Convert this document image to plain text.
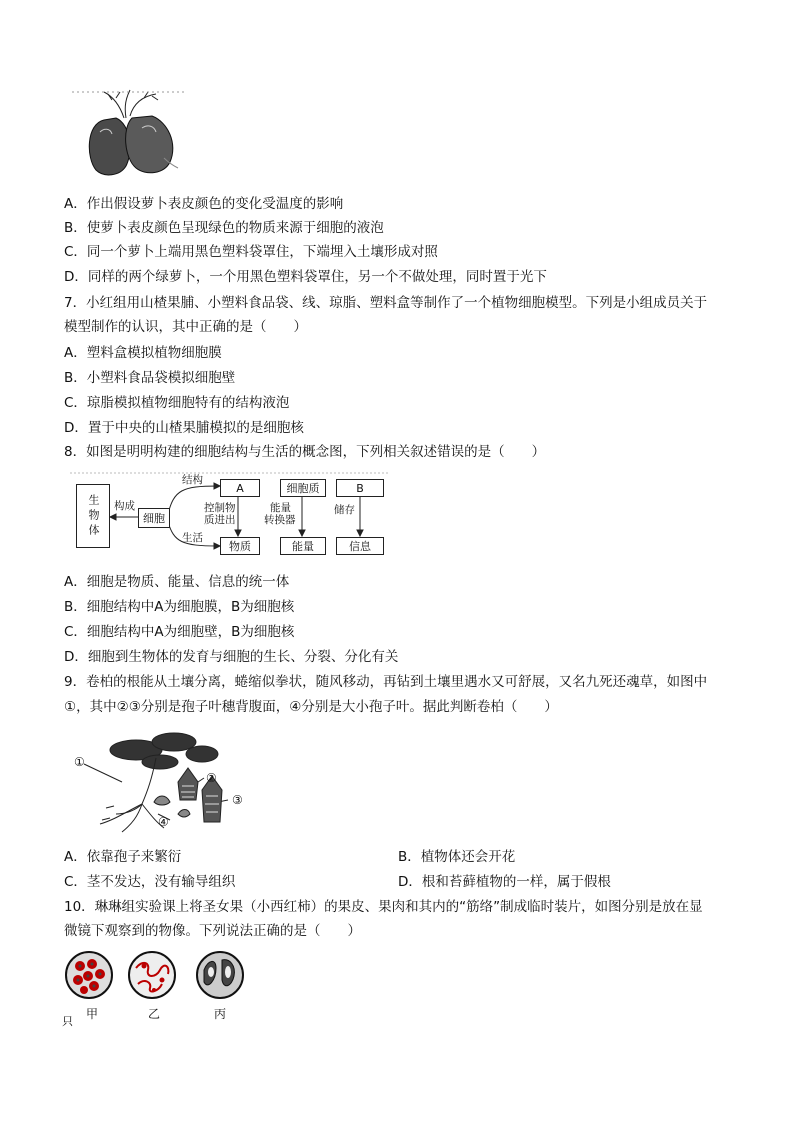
A．作出假设萝卜表皮颜色的变化受温度的影响
B．使萝卜表皮颜色呈现绿色的物质来源于细胞的液泡
C．同一个萝卜上端用黑色塑料袋罩住，下端埋入土壤形成对照
D．同样的两个绿萝卜，一个用黑色塑料袋罩住，另一个不做处理，同时置于光下
7．小红组用山楂果脯、小塑料食品袋、线、琼脂、塑料盒等制作了一个植物细胞模型。下列是小组成员关于
模型制作的认识，其中正确的是（　　）
A．塑料盒模拟植物细胞膜
B．小塑料食品袋模拟细胞壁
C．琼脂模拟植物细胞特有的结构液泡
D．置于中央的山楂果脯模拟的是细胞核
8．如图是明明构建的细胞结构与生活的概念图，下列相关叙述错误的是（　　）
生物体	构成
细胞
结构
生活
A	细胞质	B
控制物
质进出
能量
转换器
储存
物质	能量	信息
A．细胞是物质、能量、信息的统一体
B．细胞结构中A为细胞膜，B为细胞核
C．细胞结构中A为细胞壁，B为细胞核
D．细胞到生物体的发育与细胞的生长、分裂、分化有关
9．卷柏的根能从土壤分离，蜷缩似拳状，随风移动，再钻到土壤里遇水又可舒展，又名九死还魂草，如图中
①，其中②③分别是孢子叶穗背腹面，④分别是大小孢子叶。据此判断卷柏（　　）
①
②
③
④
A．依靠孢子来繁衍	B．植物体还会开花
C．茎不发达，没有输导组织	D．根和苔藓植物的一样，属于假根
10．琳琳组实验课上将圣女果（小西红柿）的果皮、果肉和其内的“筋络”制成临时装片，如图分别是放在显
微镜下观察到的物像。下列说法正确的是（　　）
甲	乙	丙
只
